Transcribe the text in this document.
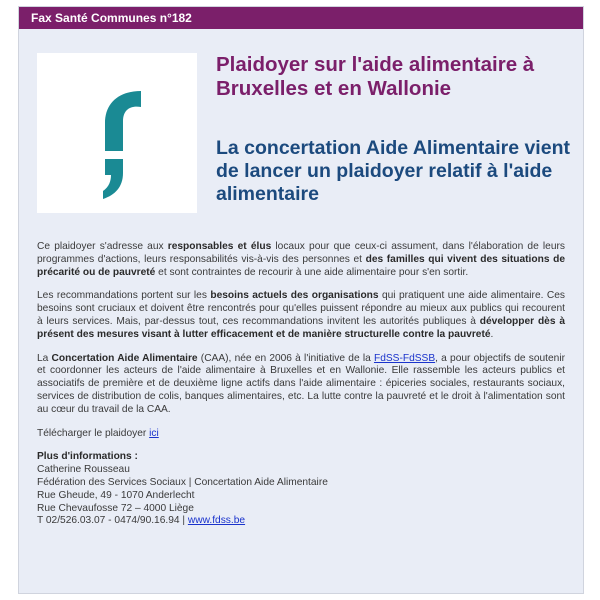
Fax Santé Communes n°182
Plaidoyer sur l'aide alimentaire à Bruxelles et en Wallonie
La concertation Aide Alimentaire vient de lancer un plaidoyer relatif à l'aide alimentaire

Ce plaidoyer s'adresse aux responsables et élus locaux pour que ceux-ci assument, dans l'élaboration de leurs programmes d'actions, leurs responsabilités vis-à-vis des personnes et des familles qui vivent des situations de précarité ou de pauvreté et sont contraintes de recourir à une aide alimentaire pour s'en sortir.

Les recommandations portent sur les besoins actuels des organisations qui pratiquent une aide alimentaire. Ces besoins sont cruciaux et doivent être rencontrés pour qu'elles puissent répondre au mieux aux publics qui recourent à leurs services. Mais, par-dessus tout, ces recommandations invitent les autorités publiques à développer dès à présent des mesures visant à lutter efficacement et de manière structurelle contre la pauvreté.

La Concertation Aide Alimentaire (CAA), née en 2006 à l'initiative de la FdSS-FdSSB, a pour objectifs de soutenir et coordonner les acteurs de l'aide alimentaire à Bruxelles et en Wallonie. Elle rassemble les acteurs publics et associatifs de première et de deuxième ligne actifs dans l'aide alimentaire : épiceries sociales, restaurants sociaux, services de distribution de colis, banques alimentaires, etc. La lutte contre la pauvreté et le droit à l'alimentation sont au cœur du travail de la CAA.

Télécharger le plaidoyer ici

Plus d'informations :
Catherine Rousseau
Fédération des Services Sociaux | Concertation Aide Alimentaire
Rue Gheude, 49 - 1070 Anderlecht
Rue Chevaufosse 72 – 4000 Liège
T 02/526.03.07 - 0474/90.16.94 | www.fdss.be
